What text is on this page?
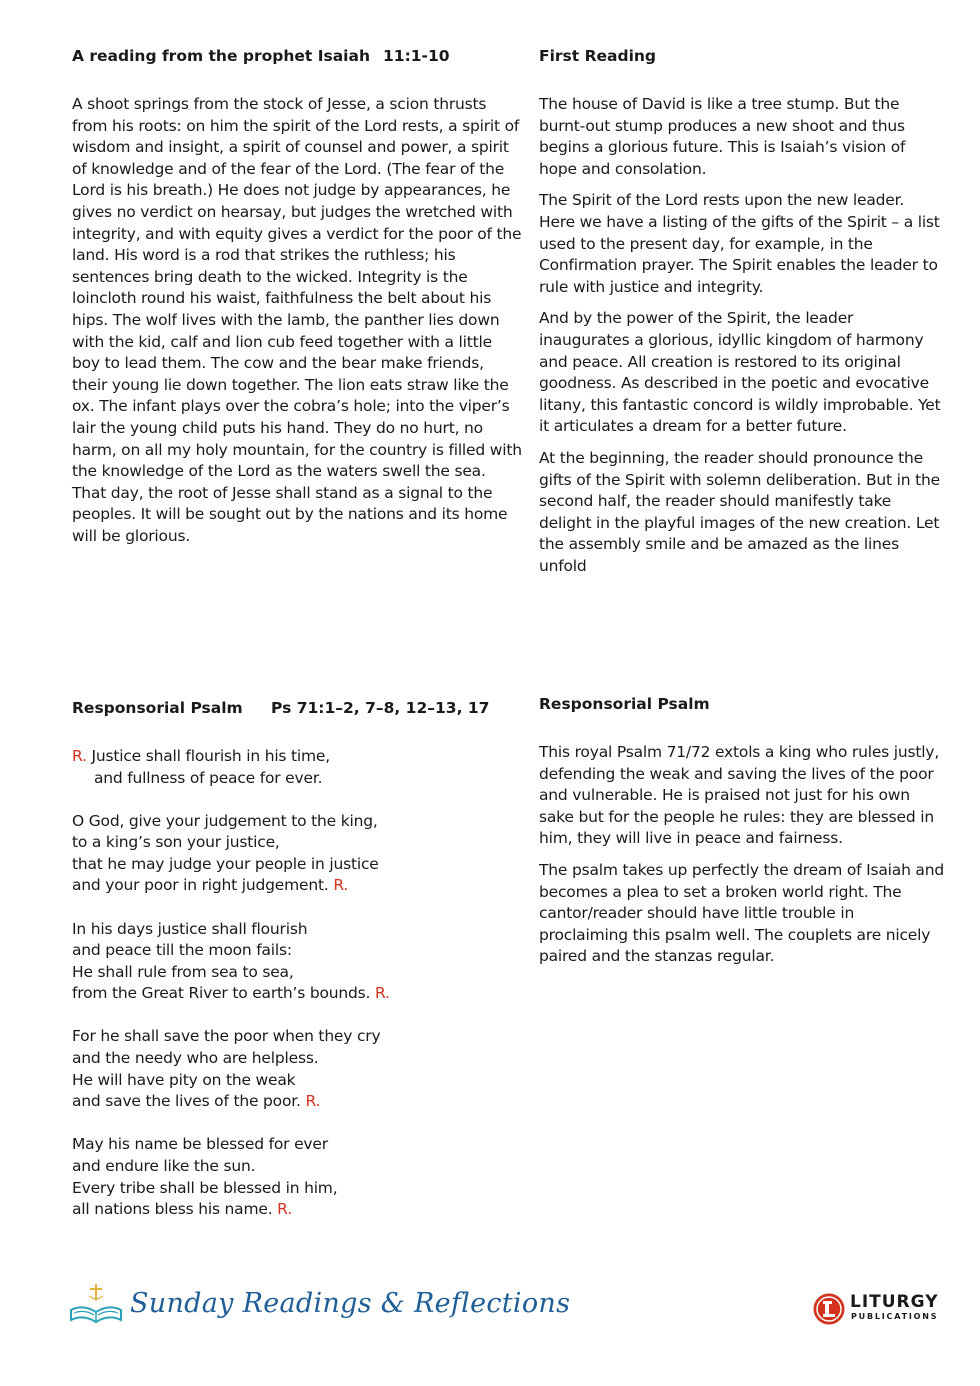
A reading from the prophet Isaiah 11:1-10

A shoot springs from the stock of Jesse, a scion thrusts from his roots: on him the spirit of the Lord rests, a spirit of wisdom and insight, a spirit of counsel and power, a spirit of knowledge and of the fear of the Lord. (The fear of the Lord is his breath.) He does not judge by appearances, he gives no verdict on hearsay, but judges the wretched with integrity, and with equity gives a verdict for the poor of the land. His word is a rod that strikes the ruthless; his sentences bring death to the wicked. Integrity is the loincloth round his waist, faithfulness the belt about his hips. The wolf lives with the lamb, the panther lies down with the kid, calf and lion cub feed together with a little boy to lead them. The cow and the bear make friends, their young lie down together. The lion eats straw like the ox. The infant plays over the cobra’s hole; into the viper’s lair the young child puts his hand. They do no hurt, no harm, on all my holy mountain, for the country is filled with the knowledge of the Lord as the waters swell the sea. That day, the root of Jesse shall stand as a signal to the peoples. It will be sought out by the nations and its home will be glorious.

First Reading

The house of David is like a tree stump. But the burnt-out stump produces a new shoot and thus begins a glorious future. This is Isaiah’s vision of hope and consolation.

The Spirit of the Lord rests upon the new leader. Here we have a listing of the gifts of the Spirit – a list used to the present day, for example, in the Confirmation prayer. The Spirit enables the leader to rule with justice and integrity.

And by the power of the Spirit, the leader inaugurates a glorious, idyllic kingdom of harmony and peace. All creation is restored to its original goodness. As described in the poetic and evocative litany, this fantastic concord is wildly improbable. Yet it articulates a dream for a better future.

At the beginning, the reader should pronounce the gifts of the Spirit with solemn deliberation. But in the second half, the reader should manifestly take delight in the playful images of the new creation. Let the assembly smile and be amazed as the lines unfold

Responsorial Psalm Ps 71:1–2, 7–8, 12–13, 17
R. Justice shall flourish in his time,
and fullness of peace for ever.
O God, give your judgement to the king,
to a king’s son your justice,
that he may judge your people in justice
and your poor in right judgement. R.
In his days justice shall flourish
and peace till the moon fails:
He shall rule from sea to sea,
from the Great River to earth’s bounds. R.
For he shall save the poor when they cry
and the needy who are helpless.
He will have pity on the weak
and save the lives of the poor. R.
May his name be blessed for ever
and endure like the sun.
Every tribe shall be blessed in him,
all nations bless his name. R.
Responsorial Psalm

This royal Psalm 71/72 extols a king who rules justly, defending the weak and saving the lives of the poor and vulnerable. He is praised not just for his own sake but for the people he rules: they are blessed in him, they will live in peace and fairness.

The psalm takes up perfectly the dream of Isaiah and becomes a plea to set a broken world right. The cantor/reader should have little trouble in proclaiming this psalm well. The couplets are nicely paired and the stanzas regular.

Sunday Readings & Reflections	LITURGY
PUBLICATIONS
